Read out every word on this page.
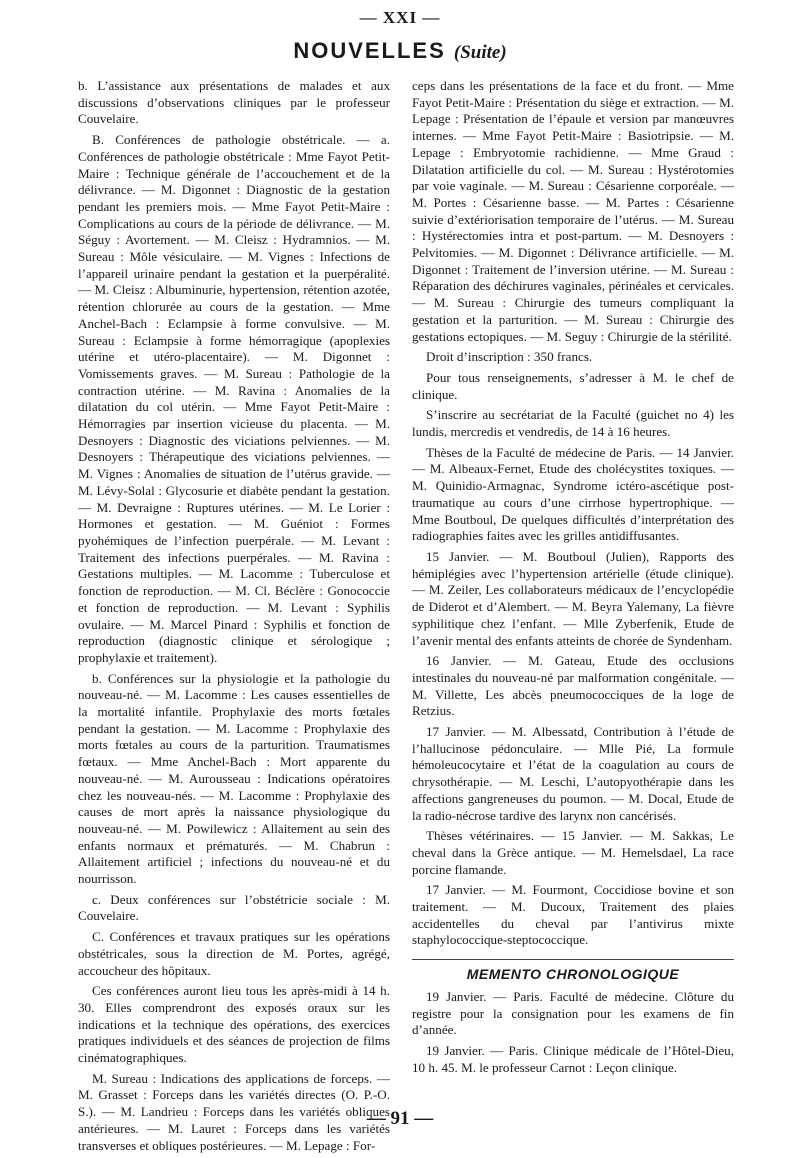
— XXI —
NOUVELLES (Suite)

b. L’assistance aux présentations de malades et aux discussions d’observations cliniques par le professeur Couvelaire.

B. Conférences de pathologie obstétricale. — a. Conférences de pathologie obstétricale : Mme Fayot Petit-Maire : Technique générale de l’accouchement et de la délivrance. — M. Digonnet : Diagnostic de la gestation pendant les premiers mois. — Mme Fayot Petit-Maire : Complications au cours de la période de délivrance. — M. Séguy : Avortement. — M. Cleisz : Hydramnios. — M. Sureau : Môle vésiculaire. — M. Vignes : Infections de l’appareil urinaire pendant la gestation et la puerpéralité. — M. Cleisz : Albuminurie, hypertension, rétention azotée, rétention chlorurée au cours de la gestation. — Mme Anchel-Bach : Eclampsie à forme convulsive. — M. Sureau : Eclampsie à forme hémorragique (apoplexies utérine et utéro-placentaire). — M. Digonnet : Vomissements graves. — M. Sureau : Pathologie de la contraction utérine. — M. Ravina : Anomalies de la dilatation du col utérin. — Mme Fayot Petit-Maire : Hémorragies par insertion vicieuse du placenta. — M. Desnoyers : Diagnostic des viciations pelviennes. — M. Desnoyers : Thérapeutique des viciations pelviennes. — M. Vignes : Anomalies de situation de l’utérus gravide. — M. Lévy-Solal : Glycosurie et diabète pendant la gestation. — M. Devraigne : Ruptures utérines. — M. Le Lorier : Hormones et gestation. — M. Guéniot : Formes pyohémiques de l’infection puerpérale. — M. Levant : Traitement des infections puerpérales. — M. Ravina : Gestations multiples. — M. Lacomme : Tuberculose et fonction de reproduction. — M. Cl. Béclère : Gonococcie et fonction de reproduction. — M. Levant : Syphilis ovulaire. — M. Marcel Pinard : Syphilis et fonction de reproduction (diagnostic clinique et sérologique ; prophylaxie et traitement).

b. Conférences sur la physiologie et la pathologie du nouveau-né. — M. Lacomme : Les causes essentielles de la mortalité infantile. Prophylaxie des morts fœtales pendant la gestation. — M. Lacomme : Prophylaxie des morts fœtales au cours de la parturition. Traumatismes fœtaux. — Mme Anchel-Bach : Mort apparente du nouveau-né. — M. Aurousseau : Indications opératoires chez les nouveau-nés. — M. Lacomme : Prophylaxie des causes de mort après la naissance physiologique du nouveau-né. — M. Powilewicz : Allaitement au sein des enfants normaux et prématurés. — M. Chabrun : Allaitement artificiel ; infections du nouveau-né et du nourrisson.

c. Deux conférences sur l’obstétricie sociale : M. Couvelaire.

C. Conférences et travaux pratiques sur les opérations obstétricales, sous la direction de M. Portes, agrégé, accoucheur des hôpitaux.

Ces conférences auront lieu tous les après-midi à 14 h. 30. Elles comprendront des exposés oraux sur les indications et la technique des opérations, des exercices pratiques individuels et des séances de projection de films cinématographiques.

M. Sureau : Indications des applications de forceps. — M. Grasset : Forceps dans les variétés directes (O. P.-O. S.). — M. Landrieu : Forceps dans les variétés obliques antérieures. — M. Lauret : Forceps dans les variétés transverses et obliques postérieures. — M. Lepage : For-

ceps dans les présentations de la face et du front. — Mme Fayot Petit-Maire : Présentation du siège et extraction. — M. Lepage : Présentation de l’épaule et version par manœuvres internes. — Mme Fayot Petit-Maire : Basiotripsie. — M. Lepage : Embryotomie rachidienne. — Mme Graud : Dilatation artificielle du col. — M. Sureau : Hystérotomies par voie vaginale. — M. Sureau : Césarienne corporéale. — M. Portes : Césarienne basse. — M. Partes : Césarienne suivie d’extériorisation temporaire de l’utérus. — M. Sureau : Hystérectomies intra et post-partum. — M. Desnoyers : Pelvitomies. — M. Digonnet : Délivrance artificielle. — M. Digonnet : Traitement de l’inversion utérine. — M. Sureau : Réparation des déchirures vaginales, périnéales et cervicales. — M. Sureau : Chirurgie des tumeurs compliquant la gestation et la parturition. — M. Sureau : Chirurgie des gestations ectopiques. — M. Seguy : Chirurgie de la stérilité.

Droit d’inscription : 350 francs.

Pour tous renseignements, s’adresser à M. le chef de clinique.

S’inscrire au secrétariat de la Faculté (guichet no 4) les lundis, mercredis et vendredis, de 14 à 16 heures.

Thèses de la Faculté de médecine de Paris. — 14 Janvier. — M. Albeaux-Fernet, Etude des cholécystites toxiques. — M. Quinidio-Armagnac, Syndrome ictéro-ascétique post-traumatique au cours d’une cirrhose hypertrophique. — Mme Boutboul, De quelques difficultés d’interprétation des radiographies faites avec les grilles antidiffusantes.

15 Janvier. — M. Boutboul (Julien), Rapports des hémiplégies avec l’hypertension artérielle (étude clinique). — M. Zeiler, Les collaborateurs médicaux de l’encyclopédie de Diderot et d’Alembert. — M. Beyra Yalemany, La fièvre syphilitique chez l’enfant. — Mlle Zyberfenik, Etude de l’avenir mental des enfants atteints de chorée de Syndenham.

16 Janvier. — M. Gateau, Etude des occlusions intestinales du nouveau-né par malformation congénitale. — M. Villette, Les abcès pneumococciques de la loge de Retzius.

17 Janvier. — M. Albessatd, Contribution à l’étude de l’hallucinose pédonculaire. — Mlle Pié, La formule hémoleucocytaire et l’état de la coagulation au cours de chrysothérapie. — M. Leschi, L’autopyothérapie dans les affections gangreneuses du poumon. — M. Docal, Etude de la radio-nécrose tardive des larynx non cancérisés.

Thèses vétérinaires. — 15 Janvier. — M. Sakkas, Le cheval dans la Grèce antique. — M. Hemelsdael, La race porcine flamande.

17 Janvier. — M. Fourmont, Coccidiose bovine et son traitement. — M. Ducoux, Traitement des plaies accidentelles du cheval par l’antivirus mixte staphylococcique-steptococcique.

MEMENTO CHRONOLOGIQUE

19 Janvier. — Paris. Faculté de médecine. Clôture du registre pour la consignation pour les examens de fin d’année.

19 Janvier. — Paris. Clinique médicale de l’Hôtel-Dieu, 10 h. 45. M. le professeur Carnot : Leçon clinique.

— 91 —
